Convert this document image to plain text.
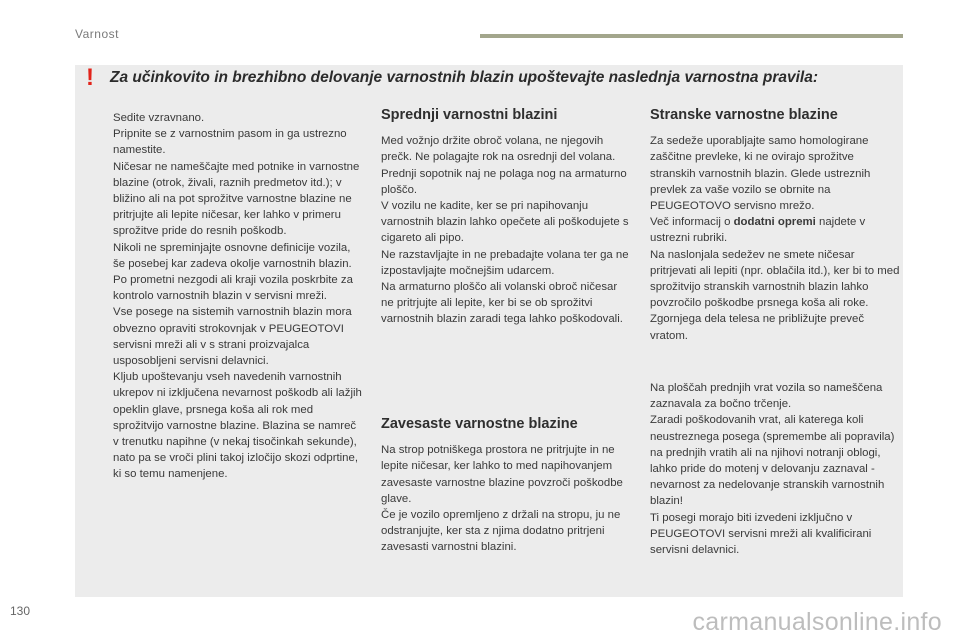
Varnost
! Za učinkovito in brezhibno delovanje varnostnih blazin upoštevajte naslednja varnostna pravila:

Sedite vzravnano.

Pripnite se z varnostnim pasom in ga ustrezno namestite.

Ničesar ne nameščajte med potnike in varnostne blazine (otrok, živali, raznih predmetov itd.); v bližino ali na pot sprožitve varnostne blazine ne pritrjujte ali lepite ničesar, ker lahko v primeru sprožitve pride do resnih poškodb.

Nikoli ne spreminjajte osnovne definicije vozila, še posebej kar zadeva okolje varnostnih blazin.

Po prometni nezgodi ali kraji vozila poskrbite za kontrolo varnostnih blazin v servisni mreži.

Vse posege na sistemih varnostnih blazin mora obvezno opraviti strokovnjak v PEUGEOTOVI servisni mreži ali v s strani proizvajalca usposobljeni servisni delavnici.

Kljub upoštevanju vseh navedenih varnostnih ukrepov ni izključena nevarnost poškodb ali lažjih opeklin glave, prsnega koša ali rok med sprožitvijo varnostne blazine. Blazina se namreč v trenutku napihne (v nekaj tisočinkah sekunde), nato pa se vroči plini takoj izločijo skozi odprtine, ki so temu namenjene.

Sprednji varnostni blazini

Med vožnjo držite obroč volana, ne njegovih prečk. Ne polagajte rok na osrednji del volana.

Prednji sopotnik naj ne polaga nog na armaturno ploščo.

V vozilu ne kadite, ker se pri napihovanju varnostnih blazin lahko opečete ali poškodujete s cigareto ali pipo.

Ne razstavljajte in ne prebadajte volana ter ga ne izpostavljajte močnejšim udarcem.

Na armaturno ploščo ali volanski obroč ničesar ne pritrjujte ali lepite, ker bi se ob sprožitvi varnostnih blazin zaradi tega lahko poškodovali.

Zavesaste varnostne blazine

Na strop potniškega prostora ne pritrjujte in ne lepite ničesar, ker lahko to med napihovanjem zavesaste varnostne blazine povzroči poškodbe glave.

Če je vozilo opremljeno z držali na stropu, ju ne odstranjujte, ker sta z njima dodatno pritrjeni zavesasti varnostni blazini.

Stranske varnostne blazine

Za sedeže uporabljajte samo homologirane zaščitne prevleke, ki ne ovirajo sprožitve stranskih varnostnih blazin. Glede ustreznih prevlek za vaše vozilo se obrnite na PEUGEOTOVO servisno mrežo.

Več informacij o dodatni opremi najdete v ustrezni rubriki.

Na naslonjala sedežev ne smete ničesar pritrjevati ali lepiti (npr. oblačila itd.), ker bi to med sprožitvijo stranskih varnostnih blazin lahko povzročilo poškodbe prsnega koša ali roke.

Zgornjega dela telesa ne približujte preveč vratom.

Na ploščah prednjih vrat vozila so nameščena zaznavala za bočno trčenje.

Zaradi poškodovanih vrat, ali katerega koli neustreznega posega (spremembe ali popravila) na prednjih vratih ali na njihovi notranji oblogi, lahko pride do motenj v delovanju zaznaval - nevarnost za nedelovanje stranskih varnostnih blazin!

Ti posegi morajo biti izvedeni izključno v PEUGEOTOVI servisni mreži ali kvalificirani servisni delavnici.

130	carmanualsonline.info
